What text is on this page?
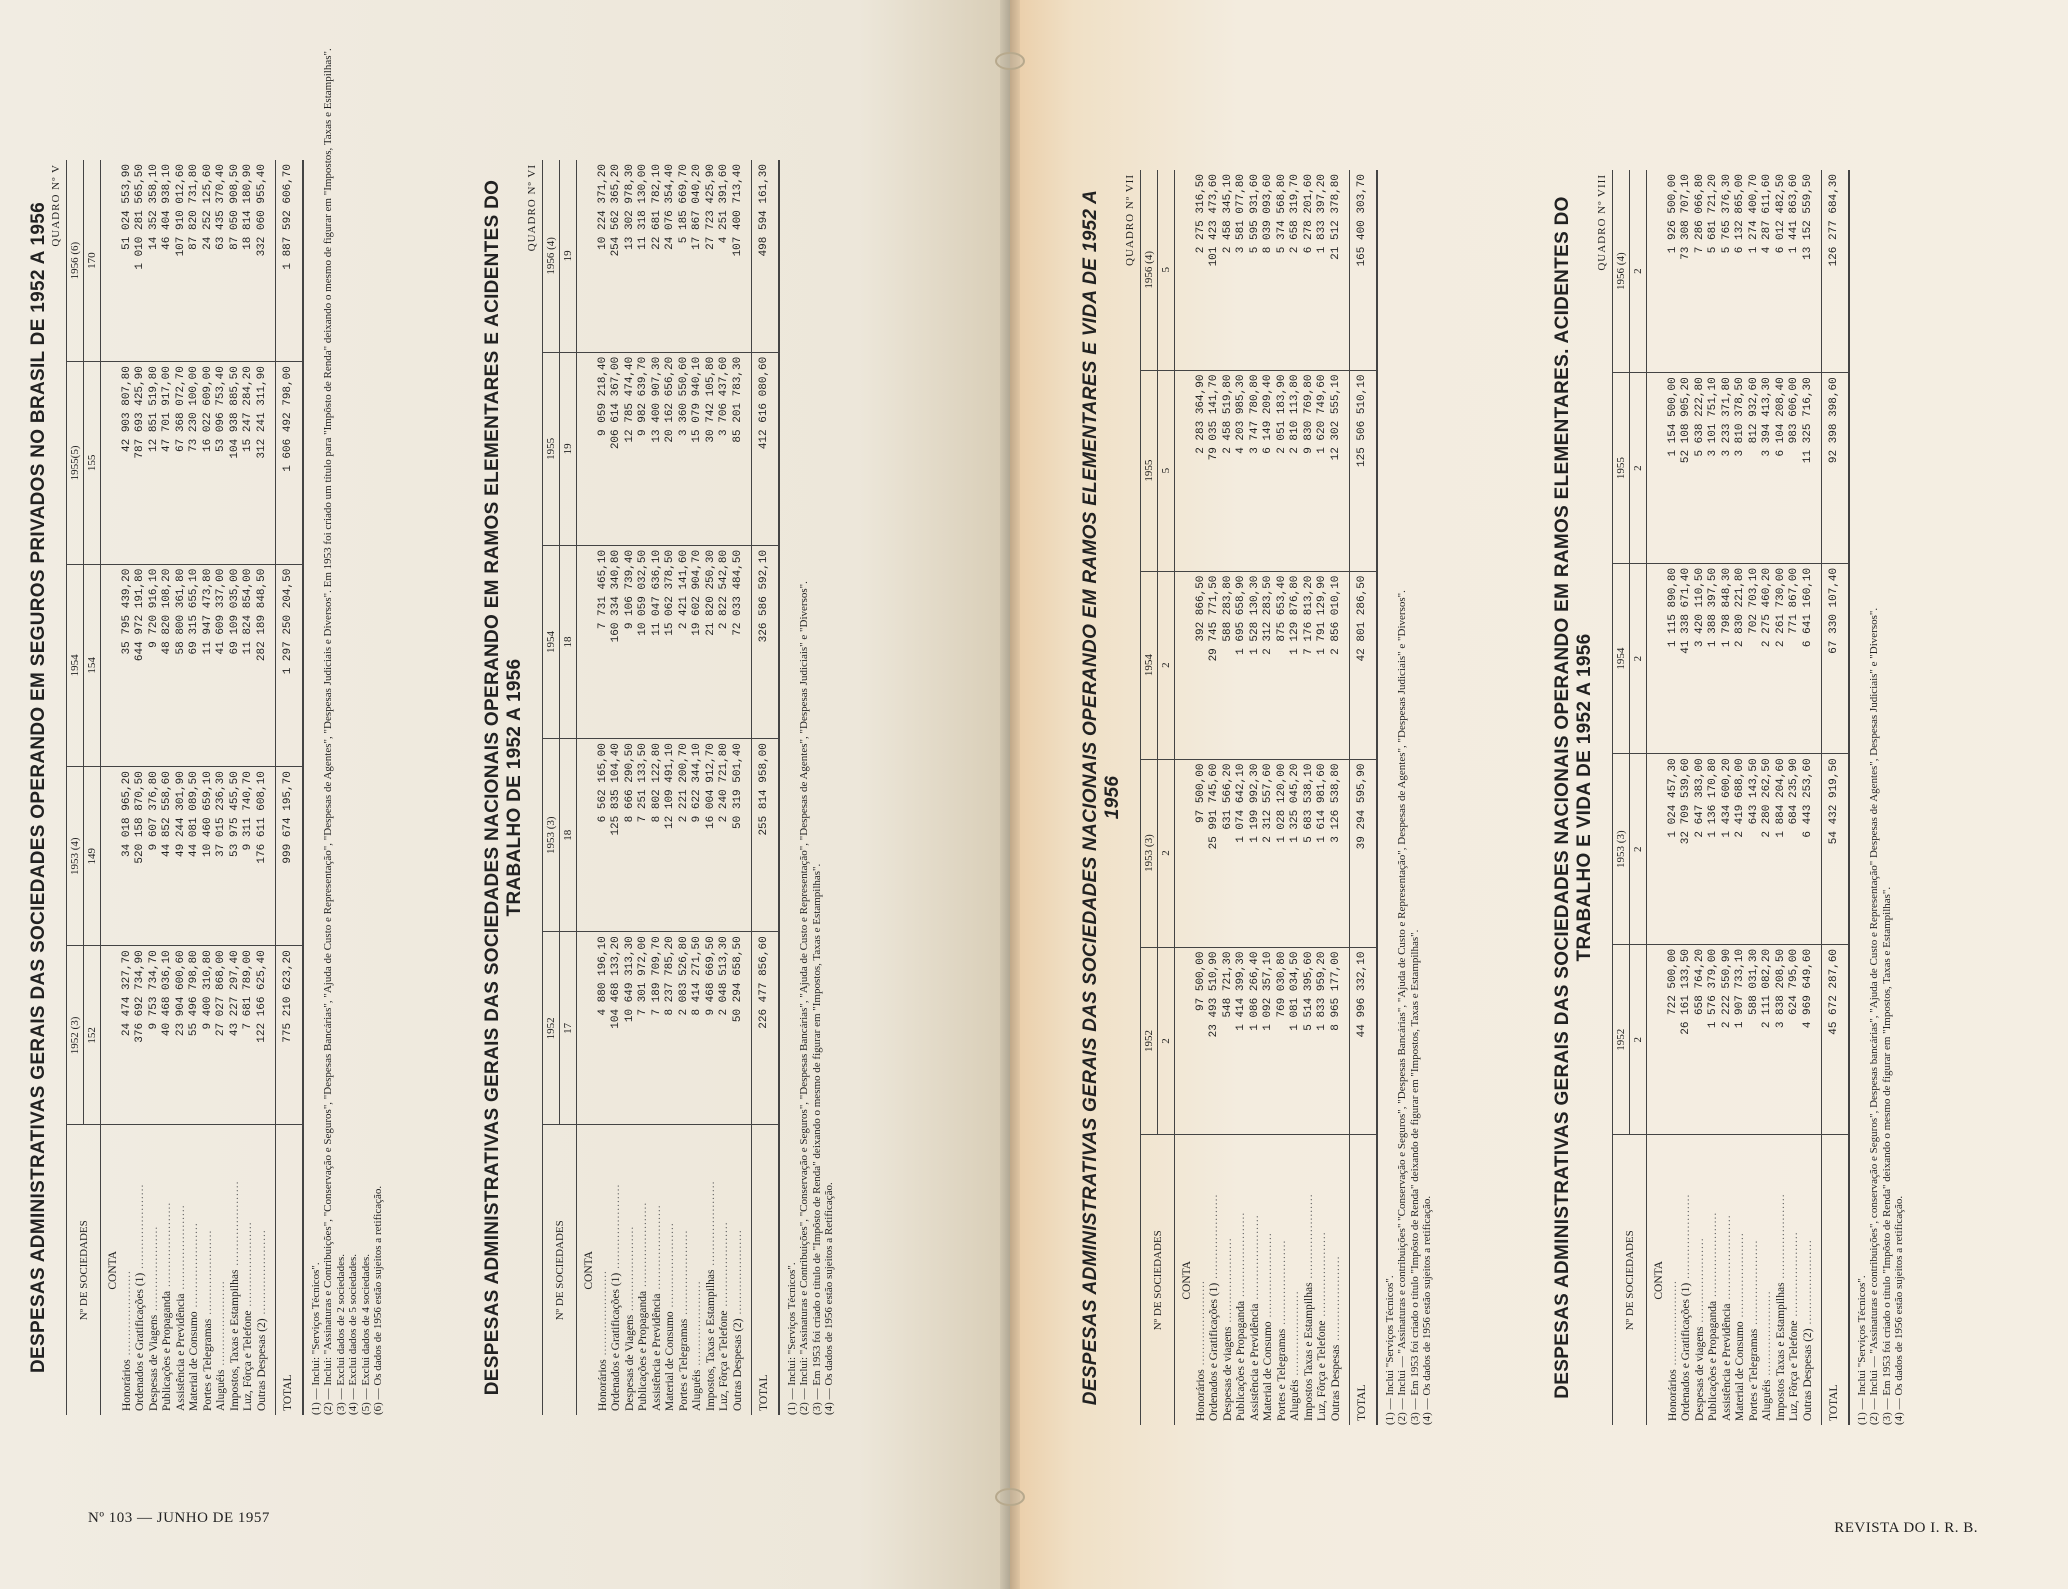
DESPESAS ADMINISTRATIVAS GERAIS DAS SOCIEDADES OPERANDO EM SEGUROS PRIVADOS NO BRASIL DE 1952 A 1956 QUADRO Nº V
Nº DE SOCIEDADES	1952 (3)	1953 (4)	1954	1955(5)	1956 (6)
	152	149	154	155	170
CONTA					
Honorários ......................	24 474 327,70	34 018 965,20	35 795 439,20	42 903 807,80	51 024 553,90
Ordenados e Gratificações (1) ......................	376 692 734,90	520 158 870,50	644 972 191,80	787 693 425,90	1 010 281 565,50
Despesas de Viagens ......................	9 753 734,70	9 607 376,80	9 720 916,10	12 851 519,80	14 352 358,10
Publicações e Propaganda ......................	40 468 036,10	44 852 558,60	48 820 108,20	47 701 917,00	46 404 938,10
Assistência e Previdência ......................	23 904 600,60	49 244 301,90	58 800 361,80	67 368 072,70	107 910 012,60
Material de Consumo ......................	55 496 798,80	44 081 089,50	69 315 655,10	73 230 100,00	87 820 731,80
Portes e Telegramas ......................	9 400 310,80	10 460 659,10	11 947 473,80	16 022 609,00	24 252 125,60
Aluguéis ......................	27 027 868,00	37 015 236,30	41 609 337,00	53 096 753,40	63 435 370,40
Impostos, Taxas e Estampilhas ......................	43 227 297,40	53 975 455,50	69 109 035,00	104 938 885,50	87 050 908,50
Luz, Fôrça e Telefone ......................	7 681 789,00	9 311 740,70	11 824 854,00	15 247 284,20	18 814 180,90
Outras Despesas (2) ......................	122 166 625,40	176 611 608,10	282 189 848,50	312 241 311,90	332 060 955,40

TOTAL	775 210 623,20	999 674 195,70	1 297 250 204,50	1 606 492 798,00	1 887 592 606,70
(1) — Inclui: "Serviços Técnicos". (2) — Inclui: "Assinaturas e Contribuições", "Conservação e Seguros", "Despesas Bancárias", "Ajuda de Custo e Representação", "Despesas de Agentes", "Despesas Judiciais e Diversos". Em 1953 foi criado um título para "Impôsto de Renda" deixando o mesmo de figurar em "Impostos, Taxas e Estampilhas". (3) — Exclui dados de 2 sociedades. (4) — Exclui dados de 5 sociedades. (5) — Exclui dados de 4 sociedades. (6) — Os dados de 1956 estão sujeitos a retificação.	DESPESAS ADMINISTRATIVAS GERAIS DAS SOCIEDADES NACIONAIS OPERANDO EM RAMOS ELEMENTARES E ACIDENTES DO TRABALHO DE 1952 A 1956
QUADRO Nº VI
Nº DE SOCIEDADES	1952	1953 (3)	1954	1955	1956 (4)
	17	18	18	19	19
CONTA					
Honorários ......................	4 880 196,10	6 562 165,00	7 731 465,10	9 059 218,40	10 224 371,20
Ordenados e Gratificações (1) ......................	104 468 133,20	125 835 104,40	160 334 340,80	206 614 367,00	254 562 365,20
Despesas de Viagens ......................	10 649 313,30	8 666 290,50	9 106 739,40	12 785 474,40	13 302 978,30
Publicações e Propaganda ......................	7 301 972,00	7 251 133,50	10 059 032,50	9 982 639,70	11 318 130,00
Assistência e Previdência ......................	7 189 709,70	8 802 122,80	11 047 636,10	13 400 907,30	22 681 782,10
Material de Consumo ......................	8 237 785,20	12 109 491,10	15 062 378,50	20 162 656,20	24 076 354,40
Portes e Telegramas ......................	2 083 526,80	2 221 200,70	2 421 141,60	3 360 550,60	5 185 669,70
Aluguéis ......................	8 414 271,50	9 622 344,10	19 602 904,70	15 079 940,10	17 867 040,20
Impostos, Taxas e Estampilhas ......................	9 468 669,50	16 004 912,70	21 820 250,30	30 742 105,80	27 723 425,90
Luz, Fôrça e Telefone ......................	2 048 513,30	2 240 721,80	2 822 542,80	3 706 437,60	4 251 391,60
Outras Despesas (2) ......................	50 294 658,50	50 319 501,40	72 033 484,50	85 201 783,30	107 400 713,40

TOTAL	226 477 856,60	255 814 958,00	326 586 592,10	412 616 080,60	498 594 161,30
(1) — Inclui: "Serviços Técnicos". (2) — Inclui: "Assinaturas e Contribuições", "Conservação e Seguros", "Despesas Bancárias", "Ajuda de Custo e Representação", "Despesas de Agentes", "Despesas Judiciais" e "Diversos". (3) — Em 1953 foi criado o título de "Impôsto de Renda" deixando o mesmo de figurar em "Impostos, Taxas e Estampilhas". (4) — Os dados de 1956 estão sujeitos a Retificação.	DESPESAS ADMINISTRATIVAS GERAIS DAS SOCIEDADES NACIONAIS OPERANDO EM RAMOS ELEMENTARES E VIDA DE 1952 A 1956
QUADRO Nº VII
Nº DE SOCIEDADES	1952	1953 (3)	1954	1955	1956 (4)
	2	2	2	5	5
CONTA					
Honorários ......................	97 500,00	97 500,00	392 866,50	2 283 364,90	2 275 316,50
Ordenados e Gratificações (1) ......................	23 493 510,90	25 991 745,60	29 745 771,50	79 035 141,70	101 423 473,60
Despesas de viagens ......................	548 721,30	631 566,20	588 283,80	2 458 519,80	2 458 345,10
Publicações e Propaganda ......................	1 414 399,30	1 074 642,10	1 695 658,90	4 203 985,30	3 581 077,80
Assistência e Previdência ......................	1 086 266,40	1 199 992,30	1 528 130,30	3 747 780,80	5 595 931,60
Material de Consumo ......................	1 092 357,10	2 312 557,60	2 312 283,50	6 149 209,40	8 039 093,60
Portes e Telegramas ......................	769 030,80	1 028 120,00	875 653,40	2 051 183,90	5 374 568,80
Aluguéis ......................	1 081 034,50	1 325 045,20	1 129 876,80	2 810 113,80	2 658 319,70
Impostos Taxas e Estampilhas ......................	5 514 395,60	5 683 538,10	7 176 813,20	9 830 769,80	6 278 201,60
Luz, Fôrça e Telefone ......................	1 833 959,20	1 614 981,60	1 791 129,90	1 620 749,60	1 833 397,20
Outras Despesas ......................	8 965 177,00	3 126 538,80	2 856 010,10	12 302 555,10	21 512 378,80

TOTAL	44 996 332,10	39 294 595,90	42 801 286,50	125 506 510,10	165 400 303,70
(1) — Inclui "Serviços Técnicos". (2) — Inclui — "Assinaturas e contribuições" "Conservação e Seguros", "Despesas Bancárias", "Ajuda de Custo e Representação", Despesas de Agentes", "Despesas Judiciais" e "Diversos". (3) — Em 1953 foi criado o título "Impôsto de Renda" deixando de figurar em "Impostos, Taxas e Estampilhas". (4) — Os dados de 1956 estão sujeitos a retificação.	DESPESAS ADMINISTRATIVAS GERAIS DAS SOCIEDADES NACIONAIS OPERANDO EM RAMOS ELEMENTARES. ACIDENTES DO TRABALHO E VIDA DE 1952 A 1956
QUADRO Nº VIII
Nº DE SOCIEDADES	1952	1953 (3)	1954	1955	1956 (4)
	2	2	2	2	2
CONTA					
Honorários ......................	722 500,00	1 024 457,30	1 115 890,80	1 154 500,00	1 926 500,00
Ordenados e Gratificações (1) ......................	26 161 133,50	32 709 539,60	41 338 671,40	52 108 905,20	73 308 707,10
Despesas de viagens ......................	658 764,20	2 647 383,00	3 420 110,50	5 638 222,80	7 286 066,80
Publicações e Propaganda ......................	1 576 379,00	1 136 170,80	1 388 397,50	3 101 751,10	5 681 721,20
Assistência e Previdência ......................	2 222 550,90	1 434 600,20	1 798 848,30	3 233 371,80	5 765 376,30
Material de Consumo ......................	1 907 733,10	2 419 688,00	2 830 221,80	3 810 378,50	6 132 865,00
Portes e Telegramas ......................	588 031,30	643 143,50	702 703,10	812 932,60	1 274 400,70
Aluguéis ......................	2 111 082,20	2 280 262,50	2 275 460,20	3 394 413,30	4 287 611,60
Impostos Taxas e Estampilhas ......................	3 838 208,50	1 884 204,60	2 261 730,00	6 104 208,40	6 012 482,50
Luz, Fôrça e Telefone ......................	624 795,00	684 235,90	771 867,00	983 606,00	1 441 863,60
Outras Despesas (2) ......................	4 969 649,60	6 443 253,60	6 641 160,10	11 325 716,30	13 152 559,50

TOTAL	45 672 287,60	54 432 919,50	67 330 107,40	92 398 398,60	126 277 684,30
(1) — Inclui "Serviços Técnicos". (2) — Inclui — "Assinaturas e contribuições", conservação e Seguros", Despesas bancárias", "Ajuda de Custo e Representação" Despesas de Agentes", Despesas Judiciais" e "Diversos". (3) — Em 1953 foi criado o título "Impôsto de Renda" deixando o mesmo de figurar em "Impostos, Taxas e Estampilhas". (4) — Os dados de 1956 estão sujeitos a retificação.
Nº 103 — JUNHO DE 1957
REVISTA DO I. R. B.
